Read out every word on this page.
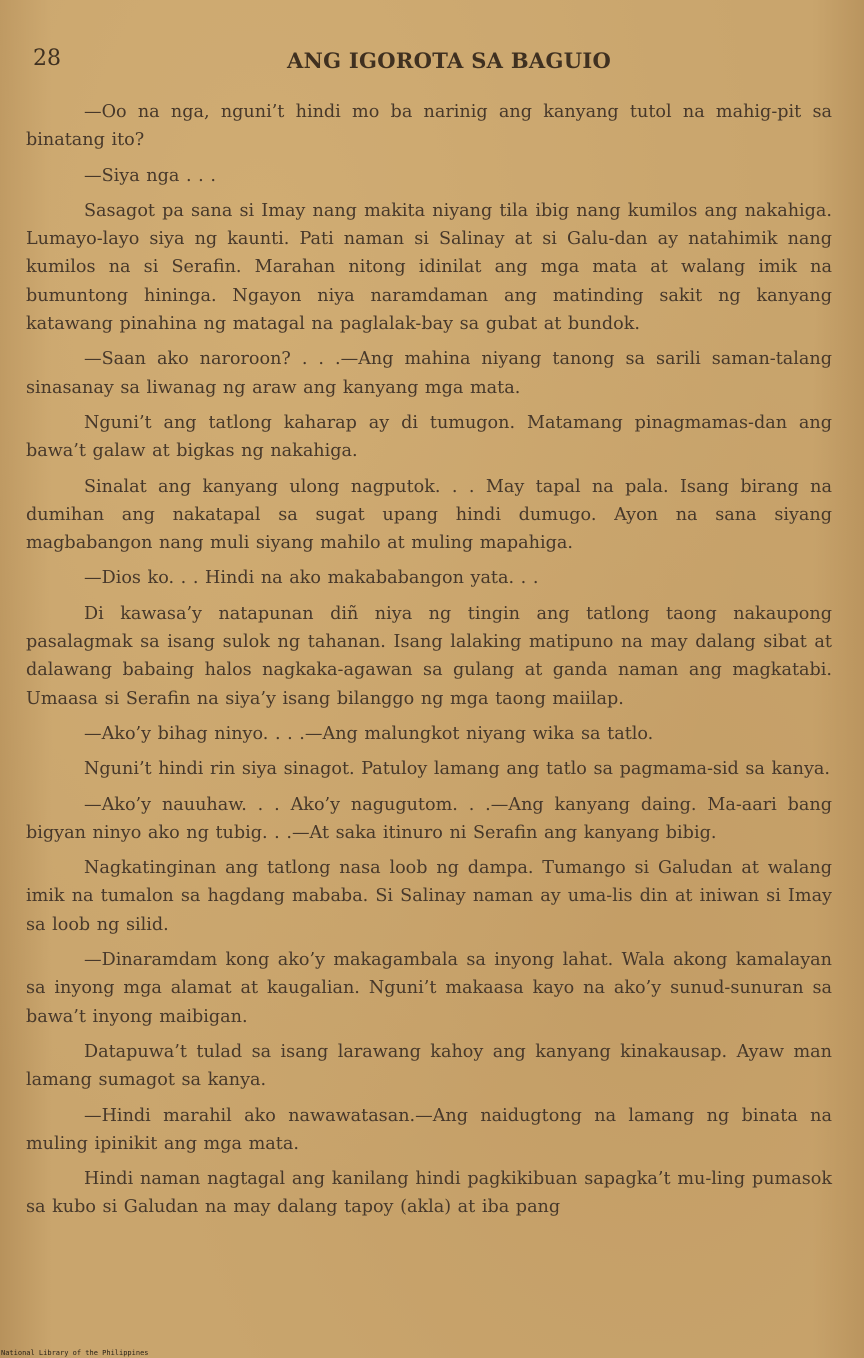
28	ANG IGOROTA SA BAGUIO

—Oo na nga, nguni’t hindi mo ba narinig ang kanyang tutol na mahig-pit sa binatang ito?

—Siya nga . . .

Sasagot pa sana si Imay nang makita niyang tila ibig nang kumilos ang nakahiga. Lumayo-layo siya ng kaunti. Pati naman si Salinay at si Galu-dan ay natahimik nang kumilos na si Serafin. Marahan nitong idinilat ang mga mata at walang imik na bumuntong hininga. Ngayon niya naramdaman ang matinding sakit ng kanyang katawang pinahina ng matagal na paglalak-bay sa gubat at bundok.

—Saan ako naroroon? . . .—Ang mahina niyang tanong sa sarili saman-talang sinasanay sa liwanag ng araw ang kanyang mga mata.

Nguni’t ang tatlong kaharap ay di tumugon. Matamang pinagmamas-dan ang bawa’t galaw at bigkas ng nakahiga.

Sinalat ang kanyang ulong nagputok. . . May tapal na pala. Isang birang na dumihan ang nakatapal sa sugat upang hindi dumugo. Ayon na sana siyang magbabangon nang muli siyang mahilo at muling mapahiga.

—Dios ko. . . Hindi na ako makababangon yata. . .

Di kawasa’y natapunan diñ niya ng tingin ang tatlong taong nakaupong pasalagmak sa isang sulok ng tahanan. Isang lalaking matipuno na may dalang sibat at dalawang babaing halos nagkaka-agawan sa gulang at ganda naman ang magkatabi. Umaasa si Serafin na siya’y isang bilanggo ng mga taong maiilap.

—Ako’y bihag ninyo. . . .—Ang malungkot niyang wika sa tatlo.

Nguni’t hindi rin siya sinagot. Patuloy lamang ang tatlo sa pagmama-sid sa kanya.

—Ako’y nauuhaw. . . Ako’y nagugutom. . .—Ang kanyang daing. Ma-aari bang bigyan ninyo ako ng tubig. . .—At saka itinuro ni Serafin ang kanyang bibig.

Nagkatinginan ang tatlong nasa loob ng dampa. Tumango si Galudan at walang imik na tumalon sa hagdang mababa. Si Salinay naman ay uma-lis din at iniwan si Imay sa loob ng silid.

—Dinaramdam kong ako’y makagambala sa inyong lahat. Wala akong kamalayan sa inyong mga alamat at kaugalian. Nguni’t makaasa kayo na ako’y sunud-sunuran sa bawa’t inyong maibigan.

Datapuwa’t tulad sa isang larawang kahoy ang kanyang kinakausap. Ayaw man lamang sumagot sa kanya.

—Hindi marahil ako nawawatasan.—Ang naidugtong na lamang ng binata na muling ipinikit ang mga mata.

Hindi naman nagtagal ang kanilang hindi pagkikibuan sapagka’t mu-ling pumasok sa kubo si Galudan na may dalang tapoy (akla) at iba pang

National Library of the Philippines
